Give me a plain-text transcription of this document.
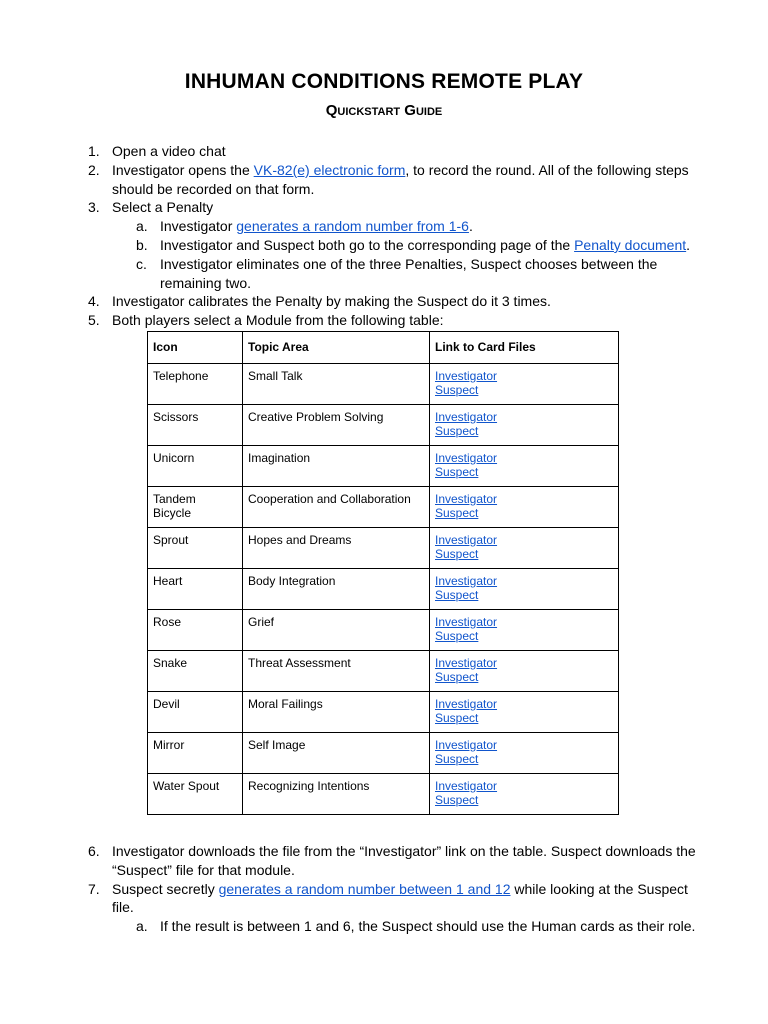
INHUMAN CONDITIONS REMOTE PLAY
Quickstart Guide
1. Open a video chat
2. Investigator opens the VK-82(e) electronic form, to record the round. All of the following steps should be recorded on that form.
3. Select a Penalty
a. Investigator generates a random number from 1-6.
b. Investigator and Suspect both go to the corresponding page of the Penalty document.
c. Investigator eliminates one of the three Penalties, Suspect chooses between the remaining two.
4. Investigator calibrates the Penalty by making the Suspect do it 3 times.
5. Both players select a Module from the following table:
Icon	Topic Area	Link to Card Files
Telephone	Small Talk	Investigator
Suspect

Scissors	Creative Problem Solving	Investigator
Suspect

Unicorn	Imagination	Investigator
Suspect

Tandem Bicycle	Cooperation and Collaboration	Investigator
Suspect

Sprout	Hopes and Dreams	Investigator
Suspect

Heart	Body Integration	Investigator
Suspect

Rose	Grief	Investigator
Suspect

Snake	Threat Assessment	Investigator
Suspect

Devil	Moral Failings	Investigator
Suspect

Mirror	Self Image	Investigator
Suspect

Water Spout	Recognizing Intentions	Investigator
Suspect
6. Investigator downloads the file from the “Investigator” link on the table. Suspect downloads the “Suspect” file for that module.
7. Suspect secretly generates a random number between 1 and 12 while looking at the Suspect file.
a. If the result is between 1 and 6, the Suspect should use the Human cards as their role.
